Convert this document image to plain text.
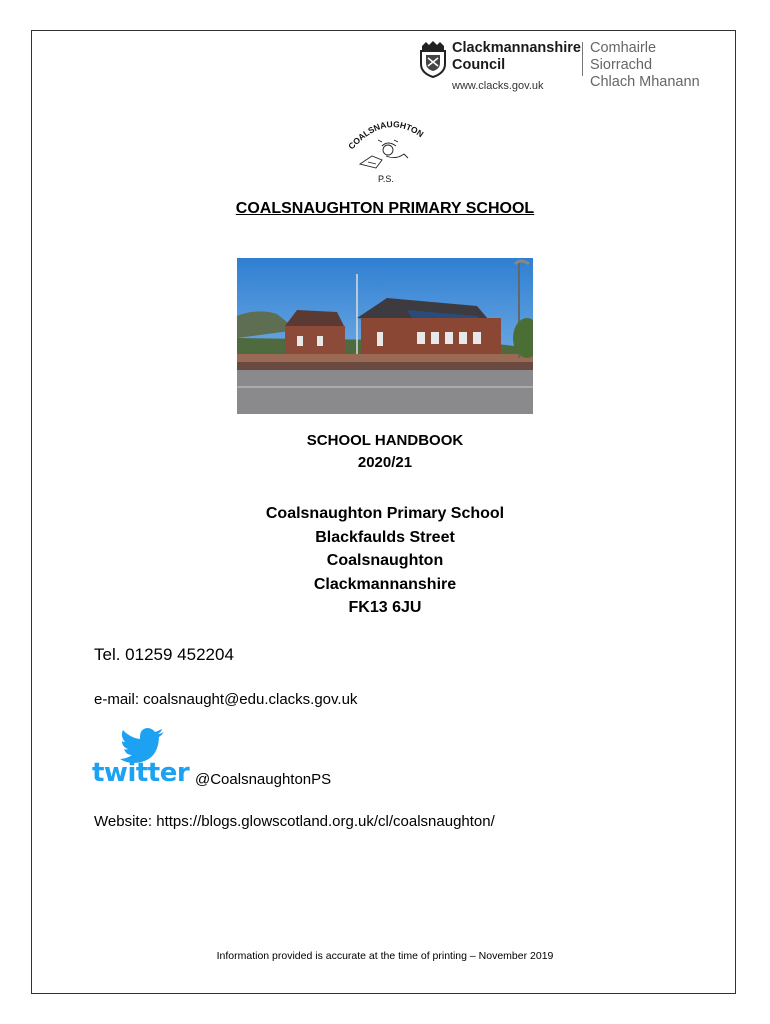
Clackmannanshire
Council
Comhairle Siorrachd
Chlach Mhanann
www.clacks.gov.uk
COALSNAUGHTON
P.S.
COALSNAUGHTON PRIMARY SCHOOL
SCHOOL HANDBOOK
2020/21
Coalsnaughton Primary School
Blackfaulds Street
Coalsnaughton
Clackmannanshire
FK13 6JU
Tel. 01259 452204
e-mail: coalsnaught@edu.clacks.gov.uk
twitter @CoalsnaughtonPS
Website: https://blogs.glowscotland.org.uk/cl/coalsnaughton/
Information provided is accurate at the time of printing – November 2019
